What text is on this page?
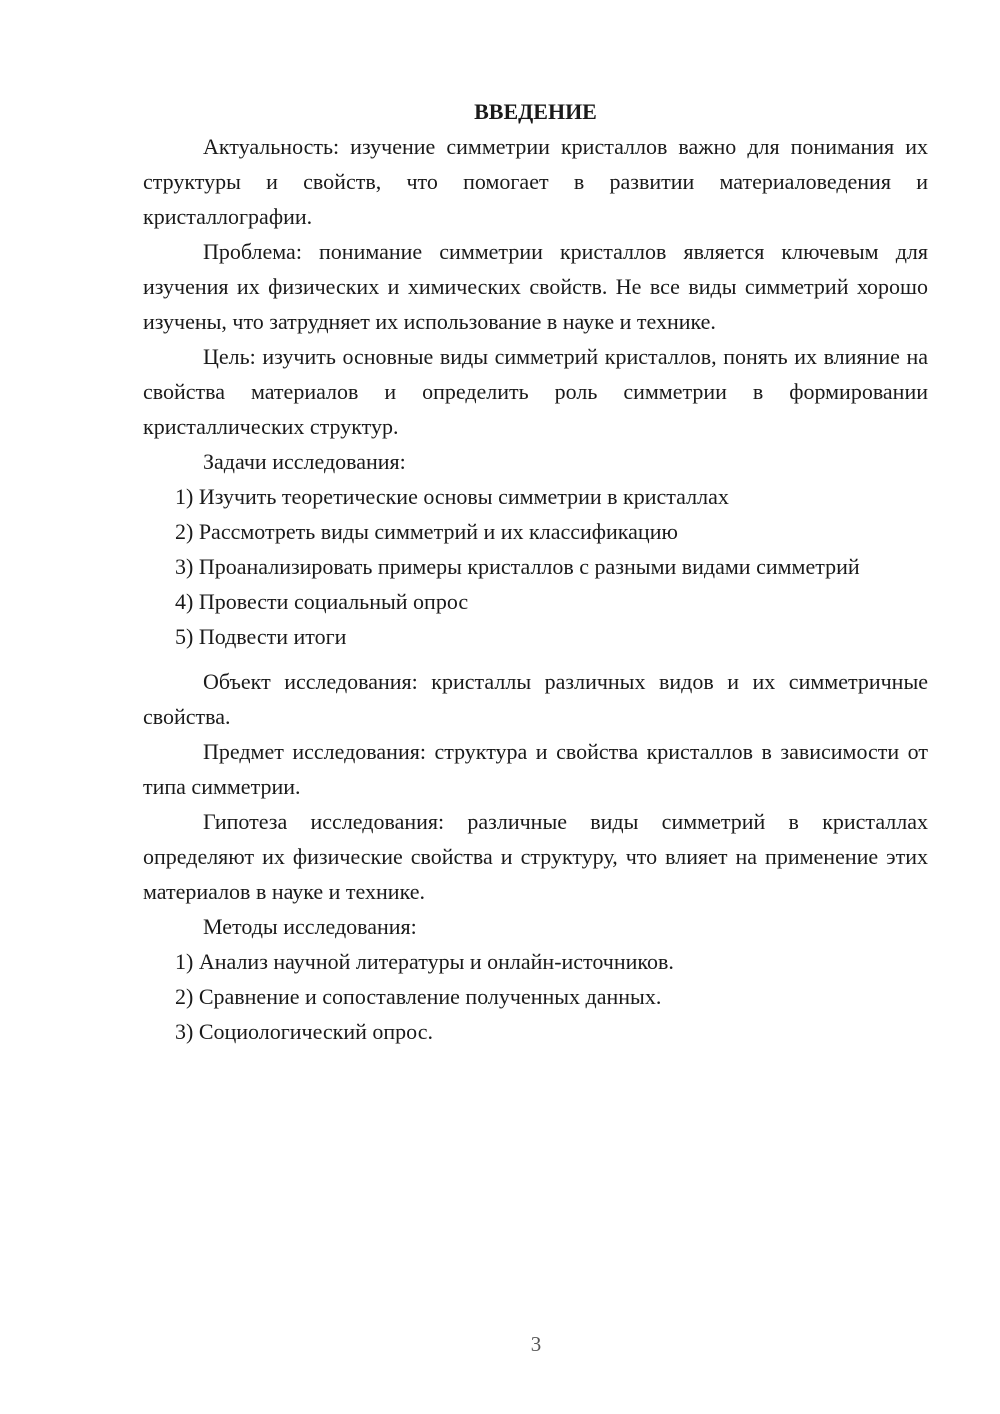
ВВЕДЕНИЕ

Актуальность: изучение симметрии кристаллов важно для понимания их структуры и свойств, что помогает в развитии материаловедения и кристаллографии.

Проблема: понимание симметрии кристаллов является ключевым для изучения их физических и химических свойств. Не все виды симметрий хорошо изучены, что затрудняет их использование в науке и технике.

Цель: изучить основные виды симметрий кристаллов, понять их влияние на свойства материалов и определить роль симметрии в формировании кристаллических структур.

Задачи исследования:

1) Изучить теоретические основы симметрии в кристаллах

2) Рассмотреть виды симметрий и их классификацию

3) Проанализировать примеры кристаллов с разными видами симметрий

4) Провести социальный опрос

5) Подвести итоги

Объект исследования: кристаллы различных видов и их симметричные свойства.

Предмет исследования: структура и свойства кристаллов в зависимости от типа симметрии.

Гипотеза исследования: различные виды симметрий в кристаллах определяют их физические свойства и структуру, что влияет на применение этих материалов в науке и технике.

Методы исследования:

1) Анализ научной литературы и онлайн-источников.

2) Сравнение и сопоставление полученных данных.

3) Социологический опрос.

3
